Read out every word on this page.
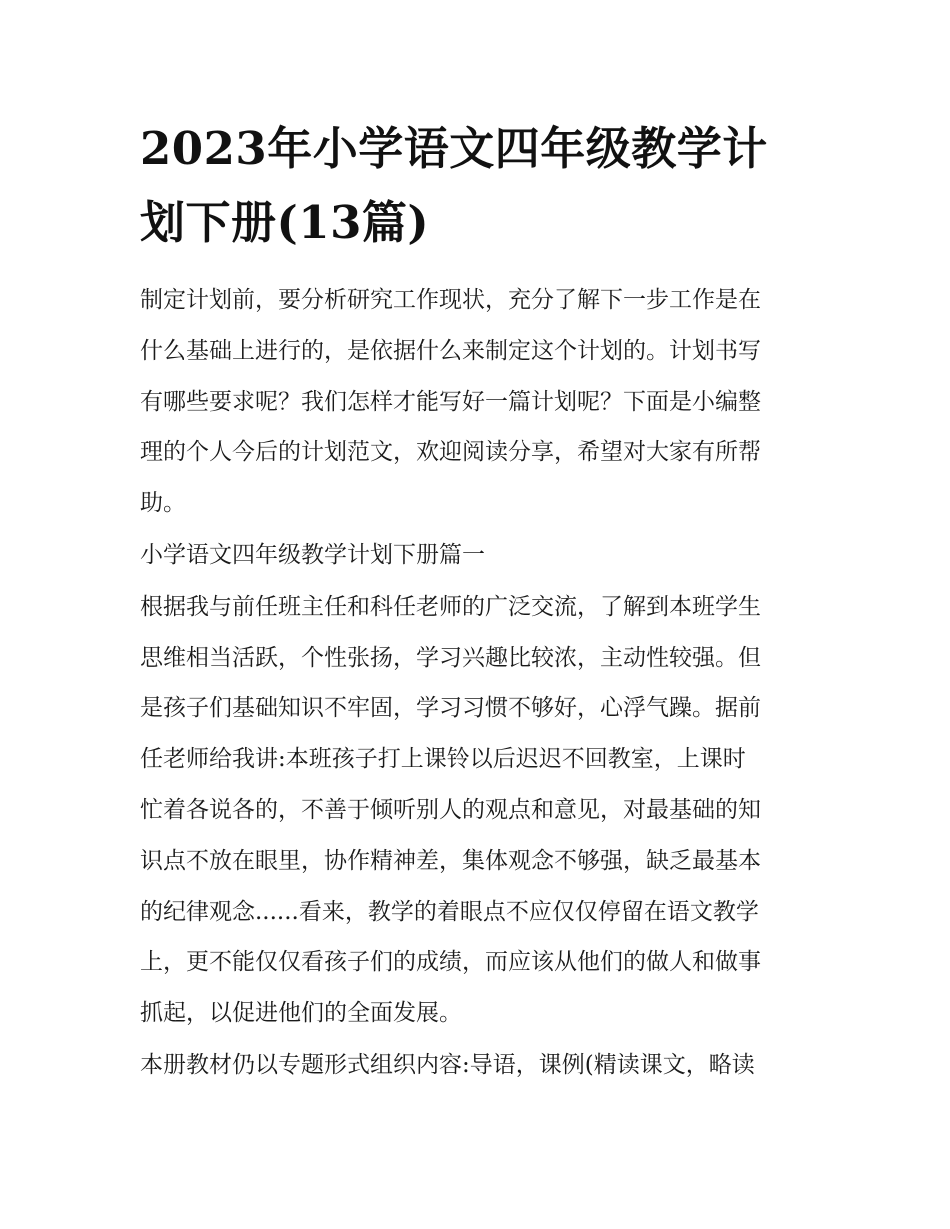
2023年小学语文四年级教学计
划下册(13篇)
制定计划前，要分析研究工作现状，充分了解下一步工作是在
什么基础上进行的，是依据什么来制定这个计划的。计划书写
有哪些要求呢？我们怎样才能写好一篇计划呢？下面是小编整
理的个人今后的计划范文，欢迎阅读分享，希望对大家有所帮
助。
小学语文四年级教学计划下册篇一
根据我与前任班主任和科任老师的广泛交流，了解到本班学生
思维相当活跃，个性张扬，学习兴趣比较浓，主动性较强。但
是孩子们基础知识不牢固，学习习惯不够好，心浮气躁。据前
任老师给我讲:本班孩子打上课铃以后迟迟不回教室，上课时
忙着各说各的，不善于倾听别人的观点和意见，对最基础的知
识点不放在眼里，协作精神差，集体观念不够强，缺乏最基本
的纪律观念......看来，教学的着眼点不应仅仅停留在语文教学
上，更不能仅仅看孩子们的成绩，而应该从他们的做人和做事
抓起，以促进他们的全面发展。
本册教材仍以专题形式组织内容:导语，课例(精读课文，略读
